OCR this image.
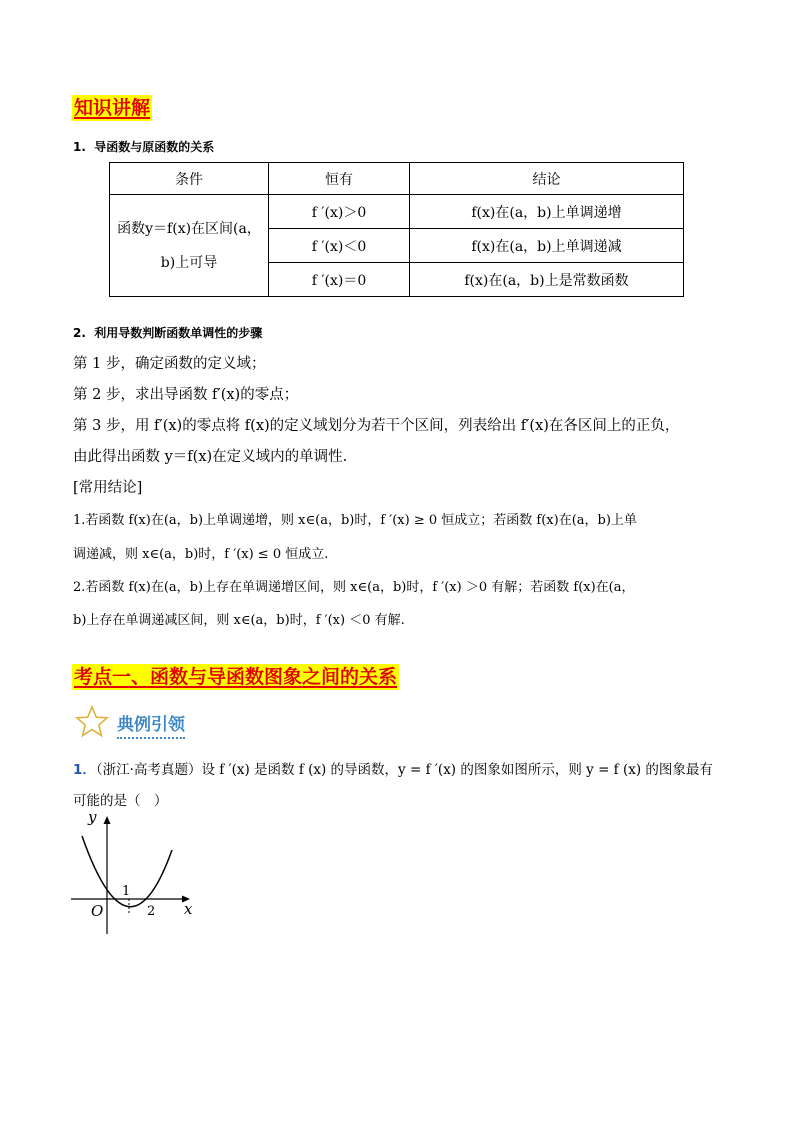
知识讲解
1.  导函数与原函数的关系
条件	恒有	结论

函数y＝f(x)在区间(a，
b)上可导	f ′(x)＞0	f(x)在(a，b)上单调递增
	f ′(x)＜0	f(x)在(a，b)上单调递减
	f ′(x)＝0	f(x)在(a，b)上是常数函数
2.  利用导数判断函数单调性的步骤
第 1 步，确定函数的定义域；
第 2 步，求出导函数 f′(x)的零点；
第 3 步，用 f′(x)的零点将 f(x)的定义域划分为若干个区间，列表给出 f′(x)在各区间上的正负，
由此得出函数 y＝f(x)在定义域内的单调性.
[常用结论]
1.若函数 f(x)在(a，b)上单调递增，则 x∈(a，b)时，f ′(x) ≥ 0 恒成立；若函数 f(x)在(a，b)上单
调递减，则 x∈(a，b)时，f ′(x) ≤ 0 恒成立.
2.若函数 f(x)在(a，b)上存在单调递增区间，则 x∈(a，b)时，f ′(x) ＞0 有解；若函数 f(x)在(a，
b)上存在单调递减区间，则 x∈(a，b)时，f ′(x) ＜0 有解.
考点一、函数与导函数图象之间的关系
典例引领
1．（浙江·高考真题）设 f ′(x) 是函数 f (x) 的导函数，y = f ′(x) 的图象如图所示，则 y = f (x) 的图象最有
可能的是（　）
y
x
O
1
2
